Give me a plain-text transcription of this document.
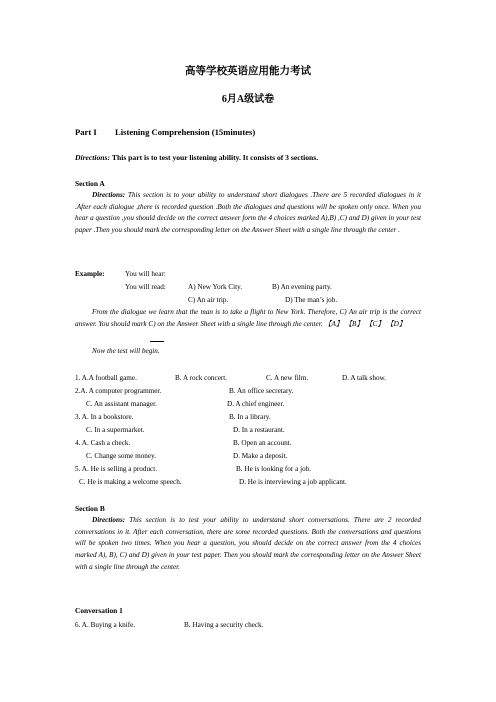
高等学校英语应用能力考试
6月A级试卷
Part I Listening Comprehension (15minutes)
Directions: This part is to test your listening ability. It consists of 3 sections.
Section A
Directions: This section is to your ability to understand short dialogues .There are 5 recorded dialogues in it .After each dialogue ,there is recorded question .Both the dialogues and questions will be spoken only once. When you hear a question ,you should decide on the correct answer form the 4 choices marked A),B) ,C) and D) given in your test paper .Then you should mark the corresponding letter on the Answer Sheet with a single line through the center .
Example:	You will hear:
You will read:	A) New York City.	B) An evening party.
C) An air trip.	D) The man’s job.
From the dialogue we learn that the man is to take a flight to New York. Therefore, C) An air trip is the correct answer. You should mark C) on the Answer Sheet with a single line through the center. 【A】 【B】 【C】 【D】
Now the test will begin.
1. A.A football game.	B. A rock concert.	C. A new film.	D. A talk show.
2.A. A computer programmer.	B. An office secretary.
C. An assistant manager.	D. A chief engineer.
3. A. In a bookstore.	B. In a library.
C. In a supermarket.	D. In a restaurant.
4. A. Cash a check.	B. Open an account.
C. Change some money.	D. Make a deposit.
5. A. He is selling a product.	B. He is looking for a job.
C. He is making a welcome speech.	D. He is interviewing a job applicant.
Section B
Directions: This section is to test your ability to understand short conversations. There are 2 recorded conversations in it. After each conversation, there are some recorded questions. Both the conversations and questions will be spoken two times. When you hear a question, you should decide on the correct answer from the 4 choices marked A), B), C) and D) given in your test paper. Then you should mark the corresponding letter on the Answer Sheet with a single line through the center.
Conversation 1
6. A. Buying a knife.	B. Having a security check.
